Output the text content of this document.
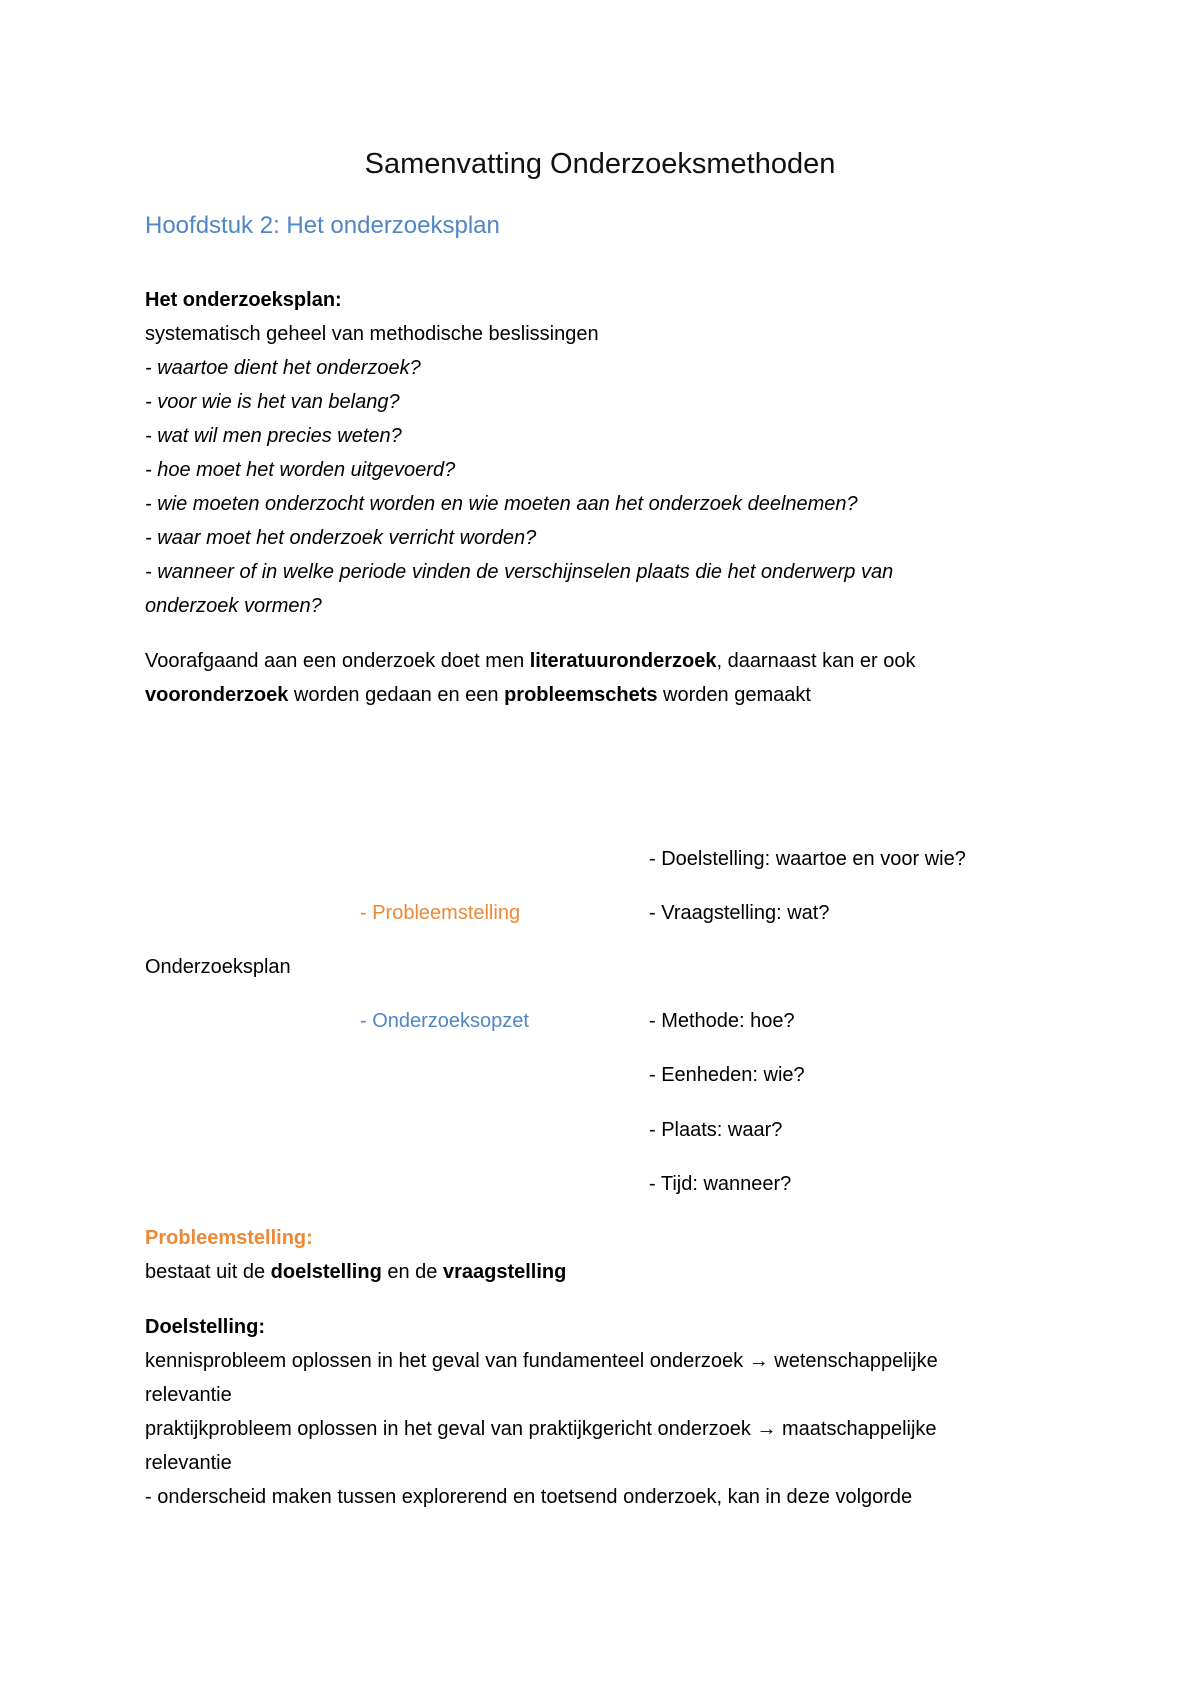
Samenvatting Onderzoeksmethoden
Hoofdstuk 2: Het onderzoeksplan

Het onderzoeksplan:

systematisch geheel van methodische beslissingen

- waartoe dient het onderzoek?

- voor wie is het van belang?

- wat wil men precies weten?

- hoe moet het worden uitgevoerd?

- wie moeten onderzocht worden en wie moeten aan het onderzoek deelnemen?

- waar moet het onderzoek verricht worden?

- wanneer of in welke periode vinden de verschijnselen plaats die het onderwerp van

onderzoek vormen?

Voorafgaand aan een onderzoek doet men literatuuronderzoek, daarnaast kan er ook

vooronderzoek worden gedaan en een probleemschets worden gemaakt

- Doelstelling: waartoe en voor wie?
- Probleemstelling	- Vraagstelling: wat?
Onderzoeksplan
- Onderzoeksopzet	- Methode: hoe?
- Eenheden: wie?
- Plaats: waar?
- Tijd: wanneer?

Probleemstelling:

bestaat uit de doelstelling en de vraagstelling

Doelstelling:

kennisprobleem oplossen in het geval van fundamenteel onderzoek → wetenschappelijke

relevantie

praktijkprobleem oplossen in het geval van praktijkgericht onderzoek → maatschappelijke

relevantie

- onderscheid maken tussen explorerend en toetsend onderzoek, kan in deze volgorde
